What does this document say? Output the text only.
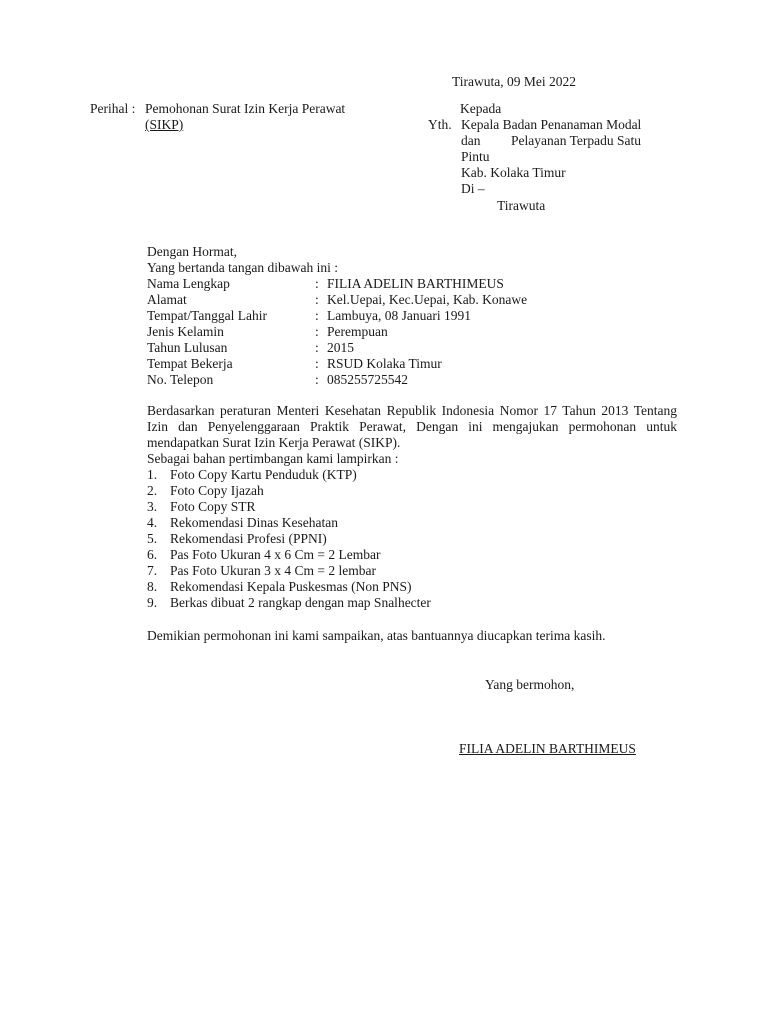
Tirawuta, 09 Mei 2022
Perihal : Pemohonan Surat Izin Kerja Perawat
(SIKP)
Kepada
Yth. Kepala Badan Penanaman Modal
dan Pelayanan Terpadu Satu
Pintu
Kab. Kolaka Timur
Di –
Tirawuta
Dengan Hormat,
Yang bertanda tangan dibawah ini :
Nama Lengkap	: FILIA ADELIN BARTHIMEUS
Alamat	: Kel.Uepai, Kec.Uepai, Kab. Konawe
Tempat/Tanggal Lahir	: Lambuya, 08 Januari 1991
Jenis Kelamin	: Perempuan
Tahun Lulusan	: 2015
Tempat Bekerja	: RSUD Kolaka Timur
No. Telepon	: 085255725542
Berdasarkan peraturan Menteri Kesehatan Republik Indonesia Nomor 17 Tahun 2013 Tentang Izin dan Penyelenggaraan Praktik Perawat, Dengan ini mengajukan permohonan untuk mendapatkan Surat Izin Kerja Perawat (SIKP).
Sebagai bahan pertimbangan kami lampirkan :
1. Foto Copy Kartu Penduduk (KTP)
2. Foto Copy Ijazah
3. Foto Copy STR
4. Rekomendasi Dinas Kesehatan
5. Rekomendasi Profesi (PPNI)
6. Pas Foto Ukuran 4 x 6 Cm = 2 Lembar
7. Pas Foto Ukuran 3 x 4 Cm = 2 lembar
8. Rekomendasi Kepala Puskesmas (Non PNS)
9. Berkas dibuat 2 rangkap dengan map Snalhecter
Demikian permohonan ini kami sampaikan, atas bantuannya diucapkan terima kasih.
Yang bermohon,
FILIA ADELIN BARTHIMEUS
